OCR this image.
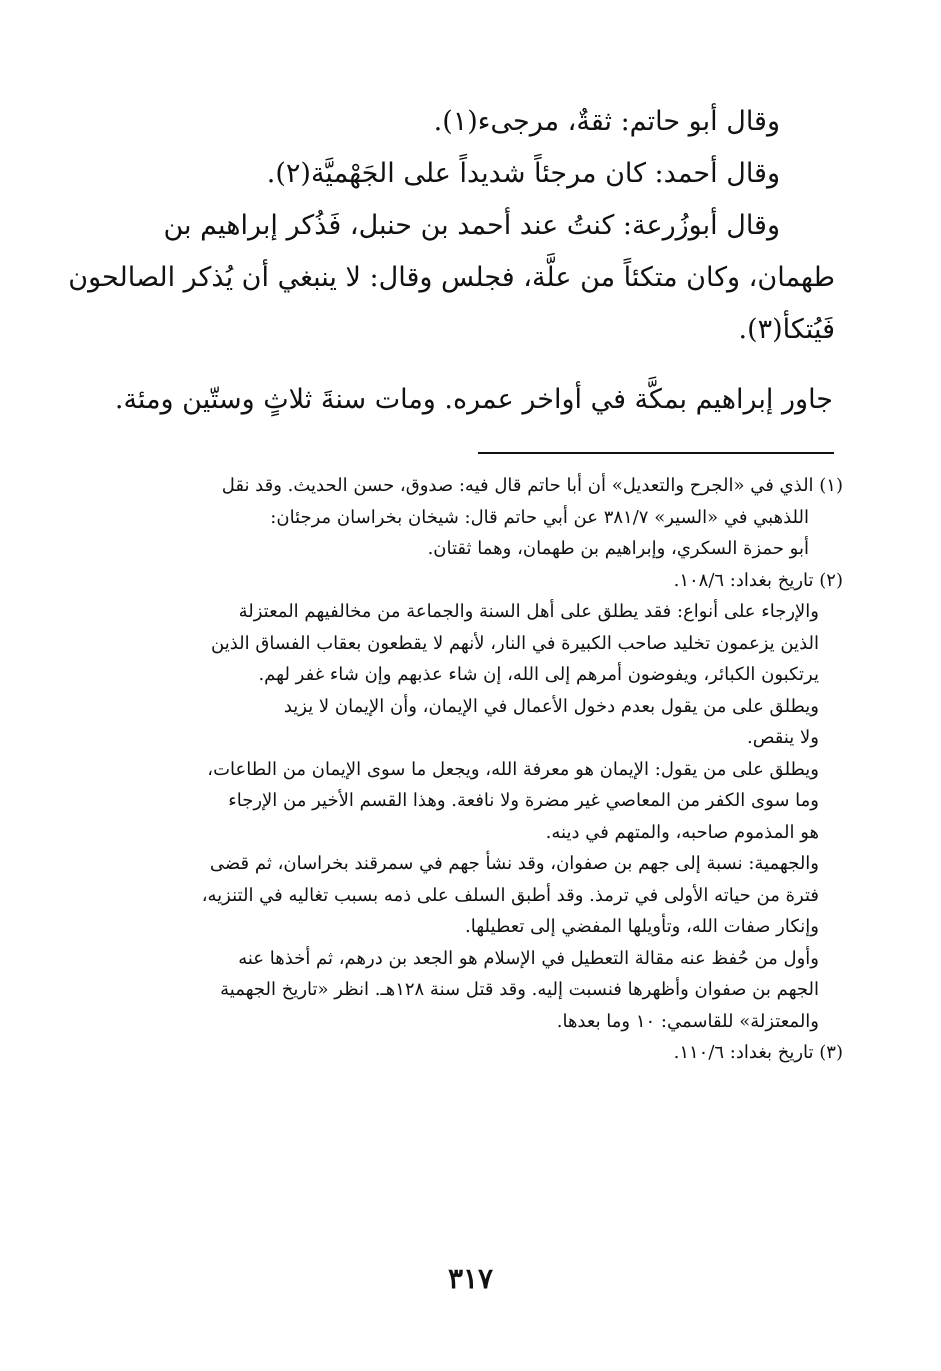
وقال أبو حاتم: ثقةٌ، مرجىء(١).
وقال أحمد: كان مرجئاً شديداً على الجَهْميَّة(٢).
وقال أبوزُرعة: كنتُ عند أحمد بن حنبل، فَذُكر إبراهيم بن
طهمان، وكان متكئاً من علَّة، فجلس وقال: لا ينبغي أن يُذكر الصالحون
فَيُتكأ(٣).
جاور إبراهيم بمكَّة في أواخر عمره. ومات سنةَ ثلاثٍ وستّين ومئة.
(١) الذي في «الجرح والتعديل» أن أبا حاتم قال فيه: صدوق، حسن الحديث. وقد نقل
اللذهبي في «السير» ٣٨١/٧ عن أبي حاتم قال: شيخان بخراسان مرجئان:
أبو حمزة السكري، وإبراهيم بن طهمان، وهما ثقتان.
(٢) تاريخ بغداد: ١٠٨/٦.
والإرجاء على أنواع: فقد يطلق على أهل السنة والجماعة من مخالفيهم المعتزلة
الذين يزعمون تخليد صاحب الكبيرة في النار، لأنهم لا يقطعون بعقاب الفساق الذين
يرتكبون الكبائر، ويفوضون أمرهم إلى الله، إن شاء عذبهم وإن شاء غفر لهم.
ويطلق على من يقول بعدم دخول الأعمال في الإيمان، وأن الإيمان لا يزيد
ولا ينقص.
ويطلق على من يقول: الإيمان هو معرفة الله، ويجعل ما سوى الإيمان من الطاعات،
وما سوى الكفر من المعاصي غير مضرة ولا نافعة. وهذا القسم الأخير من الإرجاء
هو المذموم صاحبه، والمتهم في دينه.
والجهمية: نسبة إلى جهم بن صفوان، وقد نشأ جهم في سمرقند بخراسان، ثم قضى
فترة من حياته الأولى في ترمذ. وقد أطبق السلف على ذمه بسبب تغاليه في التنزيه،
وإنكار صفات الله، وتأويلها المفضي إلى تعطيلها.
وأول من حُفظ عنه مقالة التعطيل في الإسلام هو الجعد بن درهم، ثم أخذها عنه
الجهم بن صفوان وأظهرها فنسبت إليه. وقد قتل سنة ١٢٨هـ. انظر «تاريخ الجهمية
والمعتزلة» للقاسمي: ١٠ وما بعدها.
(٣) تاريخ بغداد: ١١٠/٦.
٣١٧
